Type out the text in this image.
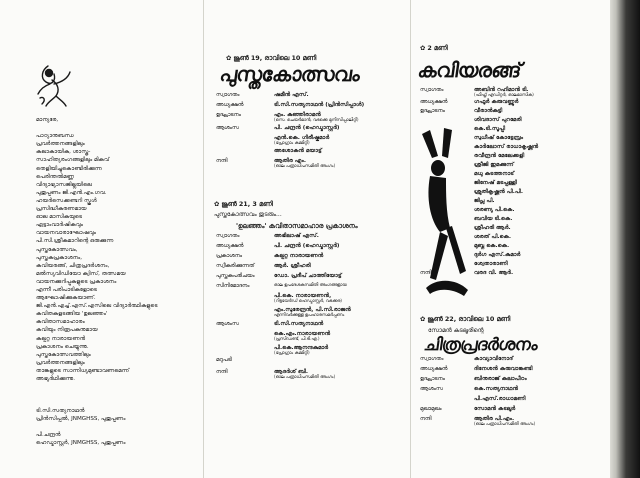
മാന്യരേ,

പാഠ്യാനുബന്ധ

പ്രവർത്തനങ്ങളിലും

കലാകായിക, ശാസ്ത്ര-

സാഹിത്യരംഗങ്ങളിലും മികവ്

തെളിയിച്ചുകൊണ്ടിരിക്കുന്ന

പെരിന്തൽമണ്ണ

വിദ്യാഭ്യാസജില്ലയിലെ

പുതുപ്പണം ജി.എൻ.എം.ഗവ.

ഹയർസെക്കണ്ടറി സ്കൂൾ

പ്രസിദ്ധീകരണമായ

ഓല മാസികയുടെ

ഏട്ടാംവാർഷികവും

വായനവാരാഘോഷവും

പി.സി.ശ്രീകുമാറിന്റെ ഒരുക്കുന്ന

പുസ്തകോത്സവം,

പുസ്തകപ്രകാശനം,

കവിയരങ്ങ്, ചിത്രപ്രദർശനം,

മൽസ്യവിഡിയോ ക്വിസ്, തത്സമയ

വായനക്കുറിപ്പുകളുടെ പ്രകാശനം

എന്നീ പരിപാടികളോടെ

ആഘോഷിക്കുകയാണ്.

ജി.എൻ.എച്ച്.എസ്.എസിലെ വിദ്യാർത്ഥികളുടെ

കവിതകളടങ്ങിയ 'ഉലഞ്ഞം'

കവിതാസമാഹാരം

കവിയും നിരൂപകനുമായ

കല്പറ്റ നാരായണൻ

പ്രകാശനം ചെയ്യുന്നു.

പുസ്തകോത്സവത്തിലും

പ്രവർത്തനങ്ങളിലും

താങ്കളുടെ സാന്നിധ്യമുണ്ടാവണമെന്ന്

അഭ്യർഥിക്കുന്നു.

ടി.സി.സത്യനാഥൻ

പ്രിൻസിപ്പൽ, JNMGHSS, പുതുപ്പണം

പി.ചന്ദ്രൻ

ഹെഡ്മാസ്റ്റർ, JNMGHSS, പുതുപ്പണം

✿ ജൂൺ 19, രാവിലെ 10 മണി
പുസ്തകോത്സവം
സ്വാഗതം	ഷമീൻ എസ്.
അധ്യക്ഷൻ	ടി.സി.സത്യനാഥൻ (പ്രിൻസിപ്പാൾ)
ഉദ്ഘാടനം	എം. കുഞ്ഞിരാമൻ
(സെ. ചെയർമാൻ, വടക്കെ മുനിസിപ്പാലിറ്റി)
ആശംസ	പി. ചന്ദ്രൻ (ഹെഡ്മാസ്റ്റർ)
എൻ.കെ. ഗിരീഷ്കുമാർ
(പ്രോഗ്രാം കമ്മിറ്റി)
അശോകൻ മയാട്ട്
നന്ദി	ആതിര എം.
(ഓല പത്രാധിപസമിതി അംഗം)
✿ ജൂൺ 21, 3 മണി
പുസ്തകോത്സവം തുടരും...
'ഉലഞ്ഞം' കവിതാസമാഹാര പ്രകാശനം
സ്വാഗതം	അഭിലാഷ് എസ്.
അധ്യക്ഷൻ	പി. ചന്ദ്രൻ (ഹെഡ്മാസ്റ്റർ)
പ്രകാശനം	കല്പറ്റ നാരായണൻ
സ്വീകരിക്കുന്നത്	ആർ. ശ്രീഹരി
പുസ്തകപരിചയം	ഡോ. പ്രദീപ് ചാത്തിയോട്ട്
സിനിമോദനം	ഓല ഉപദേശകസമിതി അംഗങ്ങളായ
പി.കെ. നാരായണൻ,
(റിട്ടയേർഡ് ഹെഡ്മാസ്റ്റർ, വടക്കര)
എം.സുരേന്ദ്രൻ, പി.സി.രാജൻ
എന്നിവർക്കുള്ള ഉപഹാരസമർപ്പണം
ആശംസ	ടി.സി.സത്യനാഥൻ
കെ.എം.നാരായണൻ
(പ്രസിഡണ്ട്, പി.ടി.എ.)
പി.കെ.ആനന്ദകുമാർ
(പ്രോഗ്രാം കമ്മിറ്റി)
മറുപടി
നന്ദി	ആദർശ് ബി.
(ഓല പത്രാധിപസമിതി അംഗം)
✿ 2 മണി
കവിയരങ്ങ്
സ്വാഗതം	അബിൻ റഹിമാൻ ടി.
(ഫിഫ്ത് എഡിറ്റർ, ഓലമാസിക)
അധ്യക്ഷൻ	ഗഫൂർ കരുവണ്ണൂർ
ഉദ്ഘാടനം	വീരാൻകുട്ടി
ശിവദാസ് പുറമേരി
കെ.ടി.സൂപ്പി
സുധീഷ് കോട്ടേമ്പ്രം
കാർലോസ് രാധാകൃഷ്ണൻ
രവീന്ദ്രൻ മേലേക്കളി
ശ്രീജി ഇമക്കുന്ന്
മധു കടത്തനാട്
ജിനേഷ് മടപ്പള്ളി
ശ്രുതികൃഷ്ണൻ പി.പി.
ജിപ്സ പി.
ശരണ്യ പി.കെ.
ബവിയ ടി.കെ.
ശ്രീഹരി ആർ.
ശരത് പി.കെ.
മുബ്ന കെ.കെ.
ദുർഗ എസ്.കുമാർ
ശ്വേതാരാണി
നന്ദി	വരദ വി. ആർ.
✿ ജൂൺ 22, രാവിലെ 10 മണി
സോമൻ കടലൂരിന്റെ
ചിത്രപ്രദർശനം
സ്വാഗതം	കാവ്യാവിനോദ്
അധ്യക്ഷൻ	ദിനേശൻ കരുവാങ്കണ്ടി
ഉദ്ഘാടനം	ബിനുരാജ് കലാപീഠം
ആശംസ	കെ.സത്യനാഥൻ
പി.എസ്.രാധാമണി
മുഖാമുഖം	സോമൻ കടലൂർ
നന്ദി	ആതിര പി.എം.
(ഓല പത്രാധിപസമിതി അംഗം)
